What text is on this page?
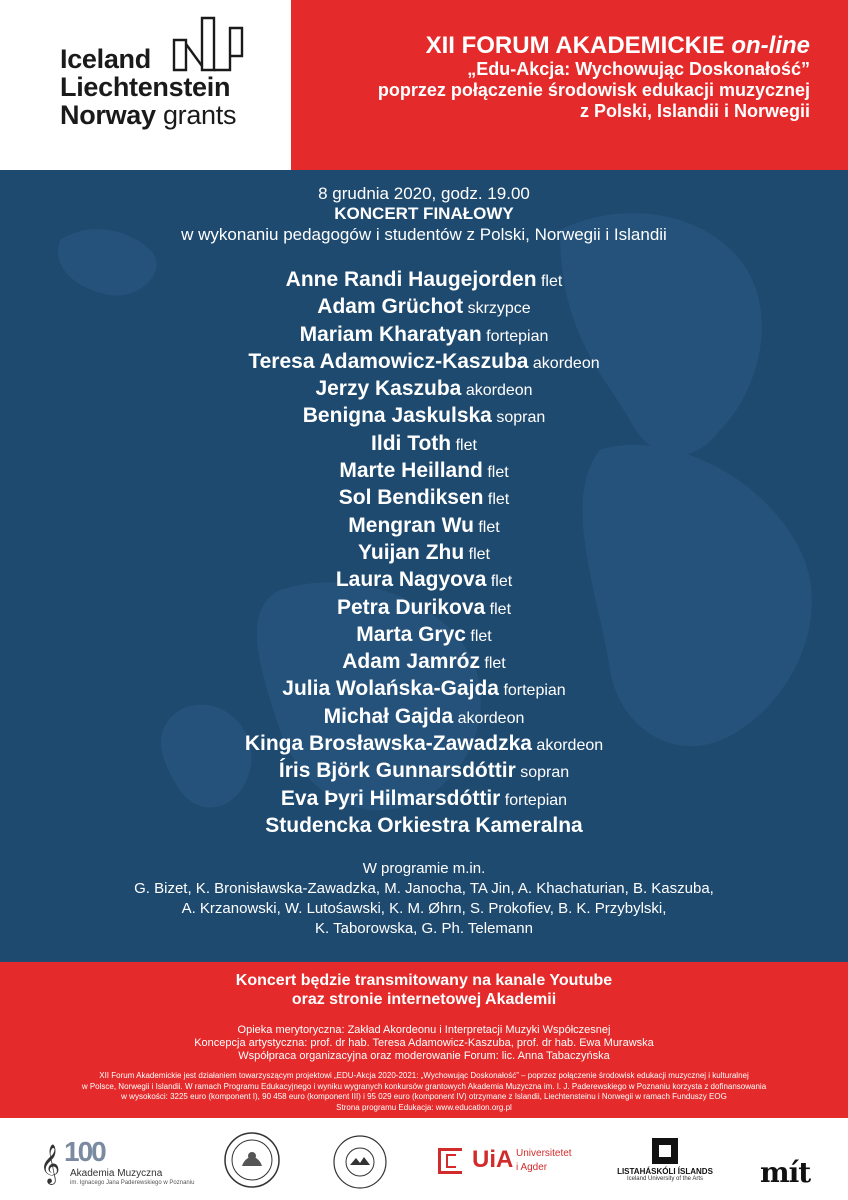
Iceland
Liechtenstein
Norway grants
XII FORUM AKADEMICKIE on-line
„Edu-Akcja: Wychowując Doskonałość”
poprzez połączenie środowisk edukacji muzycznej
z Polski, Islandii i Norwegii
8 grudnia 2020, godz. 19.00
KONCERT FINAŁOWY
w wykonaniu pedagogów i studentów z Polski, Norwegii i Islandii
Anne Randi Haugejorden flet
Adam Grüchot skrzypce
Mariam Kharatyan fortepian
Teresa Adamowicz-Kaszuba akordeon
Jerzy Kaszuba akordeon
Benigna Jaskulska sopran
Ildi Toth flet
Marte Heilland flet
Sol Bendiksen flet
Mengran Wu flet
Yuijan Zhu flet
Laura Nagyova flet
Petra Durikova flet
Marta Gryc flet
Adam Jamróz flet
Julia Wolańska-Gajda fortepian
Michał Gajda akordeon
Kinga Brosławska-Zawadzka akordeon
Íris Björk Gunnarsdóttir sopran
Eva Þyri Hilmarsdóttir fortepian
Studencka Orkiestra Kameralna
W programie m.in.
G. Bizet, K. Bronisławska-Zawadzka, M. Janocha, TA Jin, A. Khachaturian, B. Kaszuba,
A. Krzanowski, W. Lutośawski, K. M. Øhrn, S. Prokofiev, B. K. Przybylski,
K. Taborowska, G. Ph. Telemann
Koncert będzie transmitowany na kanale Youtube
oraz stronie internetowej Akademii
Opieka merytoryczna: Zakład Akordeonu i Interpretacji Muzyki Współczesnej
Koncepcja artystyczna: prof. dr hab. Teresa Adamowicz-Kaszuba, prof. dr hab. Ewa Murawska
Współpraca organizacyjna oraz moderowanie Forum: lic. Anna Tabaczyńska
XII Forum Akademickie jest działaniem towarzyszącym projektowi „EDU-Akcja 2020-2021: „Wychowując Doskonałość” – poprzez połączenie środowisk edukacji muzycznej i kulturalnej
w Polsce, Norwegii i Islandii. W ramach Programu Edukacyjnego i wyniku wygranych konkursów grantowych Akademia Muzyczna im. I. J. Paderewskiego w Poznaniu korzysta z dofinansowania
w wysokości: 3225 euro (komponent I), 90 458 euro (komponent III) i 95 029 euro (komponent IV) otrzymane z Islandii, Liechtensteinu i Norwegii w ramach Funduszy EOG
Strona programu Edukacja: www.education.org.pl
𝄞 100
Akademia Muzyczna
im. Ignacego Jana Paderewskiego w Poznaniu
UiA Universitetet
i Agder	LISTAHÁSKÓLI ÍSLANDS
Iceland University of the Arts	mít
